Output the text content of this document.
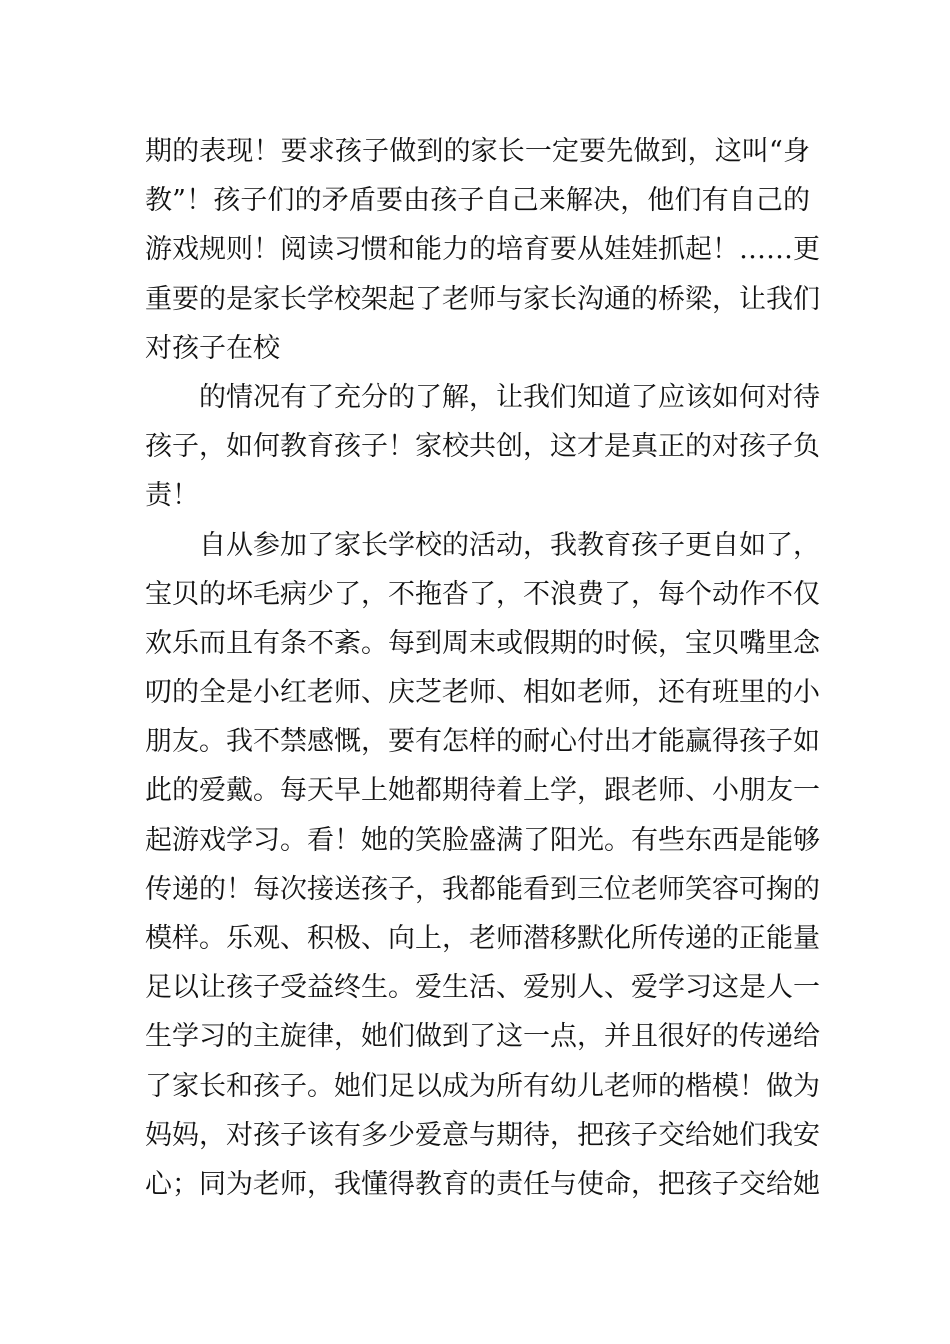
期的表现！要求孩子做到的家长一定要先做到，这叫“身
教”！孩子们的矛盾要由孩子自己来解决，他们有自己的
游戏规则！阅读习惯和能力的培育要从娃娃抓起！……更
重要的是家长学校架起了老师与家长沟通的桥梁，让我们
对孩子在校
的情况有了充分的了解，让我们知道了应该如何对待
孩子，如何教育孩子！家校共创，这才是真正的对孩子负
责！
自从参加了家长学校的活动，我教育孩子更自如了，
宝贝的坏毛病少了，不拖沓了，不浪费了，每个动作不仅
欢乐而且有条不紊。每到周末或假期的时候，宝贝嘴里念
叨的全是小红老师、庆芝老师、相如老师，还有班里的小
朋友。我不禁感慨，要有怎样的耐心付出才能赢得孩子如
此的爱戴。每天早上她都期待着上学，跟老师、小朋友一
起游戏学习。看！她的笑脸盛满了阳光。有些东西是能够
传递的！每次接送孩子，我都能看到三位老师笑容可掬的
模样。乐观、积极、向上，老师潜移默化所传递的正能量
足以让孩子受益终生。爱生活、爱别人、爱学习这是人一
生学习的主旋律，她们做到了这一点，并且很好的传递给
了家长和孩子。她们足以成为所有幼儿老师的楷模！做为
妈妈，对孩子该有多少爱意与期待，把孩子交给她们我安
心；同为老师，我懂得教育的责任与使命，把孩子交给她
